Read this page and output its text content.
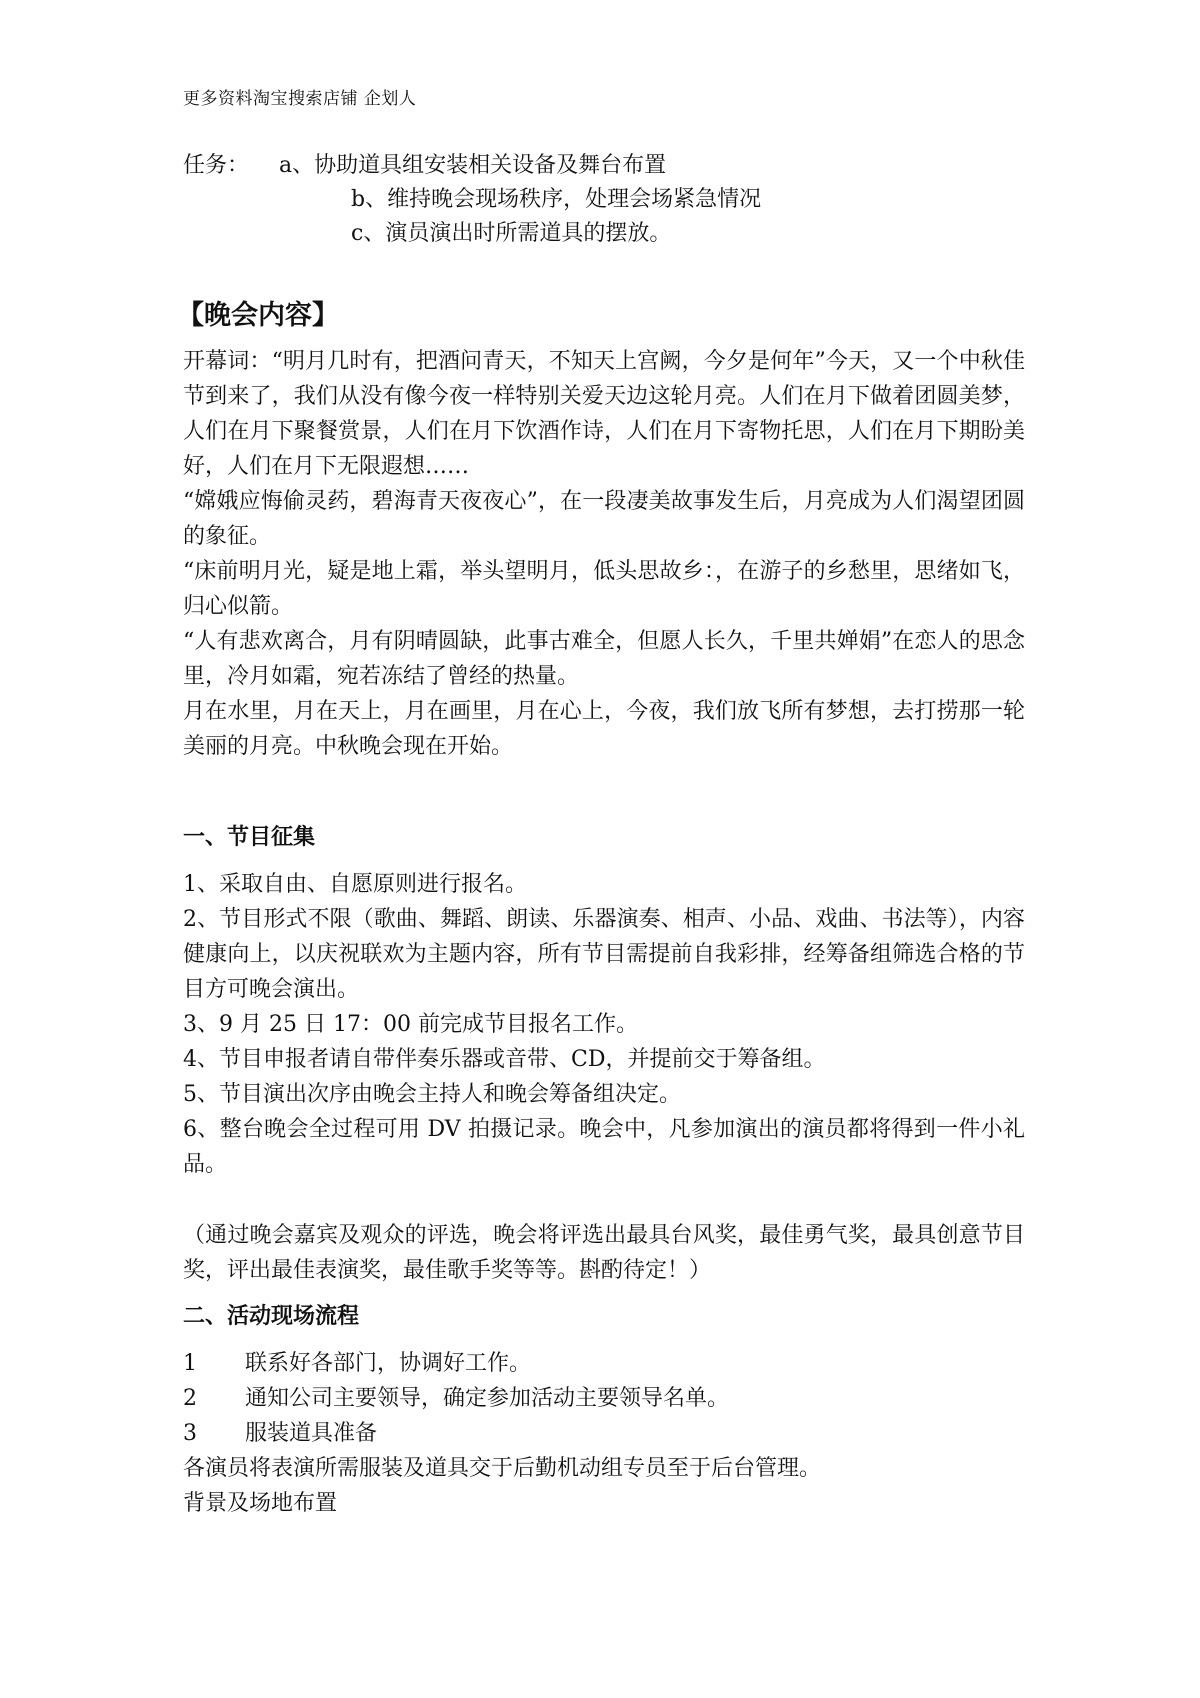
更多资料淘宝搜索店铺 企划人
任务：	a、协助道具组安装相关设备及舞台布置
b、维持晚会现场秩序，处理会场紧急情况
c、演员演出时所需道具的摆放。
【晚会内容】

开幕词：“明月几时有，把酒问青天，不知天上宫阙，今夕是何年”今天，又一个中秋佳节到来了，我们从没有像今夜一样特别关爱天边这轮月亮。人们在月下做着团圆美梦，人们在月下聚餐赏景，人们在月下饮酒作诗，人们在月下寄物托思，人们在月下期盼美好，人们在月下无限遐想……

“嫦娥应悔偷灵药，碧海青天夜夜心”，在一段凄美故事发生后，月亮成为人们渴望团圆的象征。

“床前明月光，疑是地上霜，举头望明月，低头思故乡：，在游子的乡愁里，思绪如飞，归心似箭。

“人有悲欢离合，月有阴晴圆缺，此事古难全，但愿人长久，千里共婵娟”在恋人的思念里，冷月如霜，宛若冻结了曾经的热量。

月在水里，月在天上，月在画里，月在心上，今夜，我们放飞所有梦想，去打捞那一轮美丽的月亮。中秋晚会现在开始。

一、节目征集

1、采取自由、自愿原则进行报名。

2、节目形式不限（歌曲、舞蹈、朗读、乐器演奏、相声、小品、戏曲、书法等），内容健康向上，以庆祝联欢为主题内容，所有节目需提前自我彩排，经筹备组筛选合格的节目方可晚会演出。

3、9 月 25 日 17：00 前完成节目报名工作。

4、节目申报者请自带伴奏乐器或音带、CD，并提前交于筹备组。

5、节目演出次序由晚会主持人和晚会筹备组决定。

6、整台晚会全过程可用 DV 拍摄记录。晚会中，凡参加演出的演员都将得到一件小礼品。

（通过晚会嘉宾及观众的评选，晚会将评选出最具台风奖，最佳勇气奖，最具创意节目奖，评出最佳表演奖，最佳歌手奖等等。斟酌待定！）

二、活动现场流程
1	联系好各部门，协调好工作。
2	通知公司主要领导，确定参加活动主要领导名单。
3	服装道具准备

各演员将表演所需服装及道具交于后勤机动组专员至于后台管理。

背景及场地布置
